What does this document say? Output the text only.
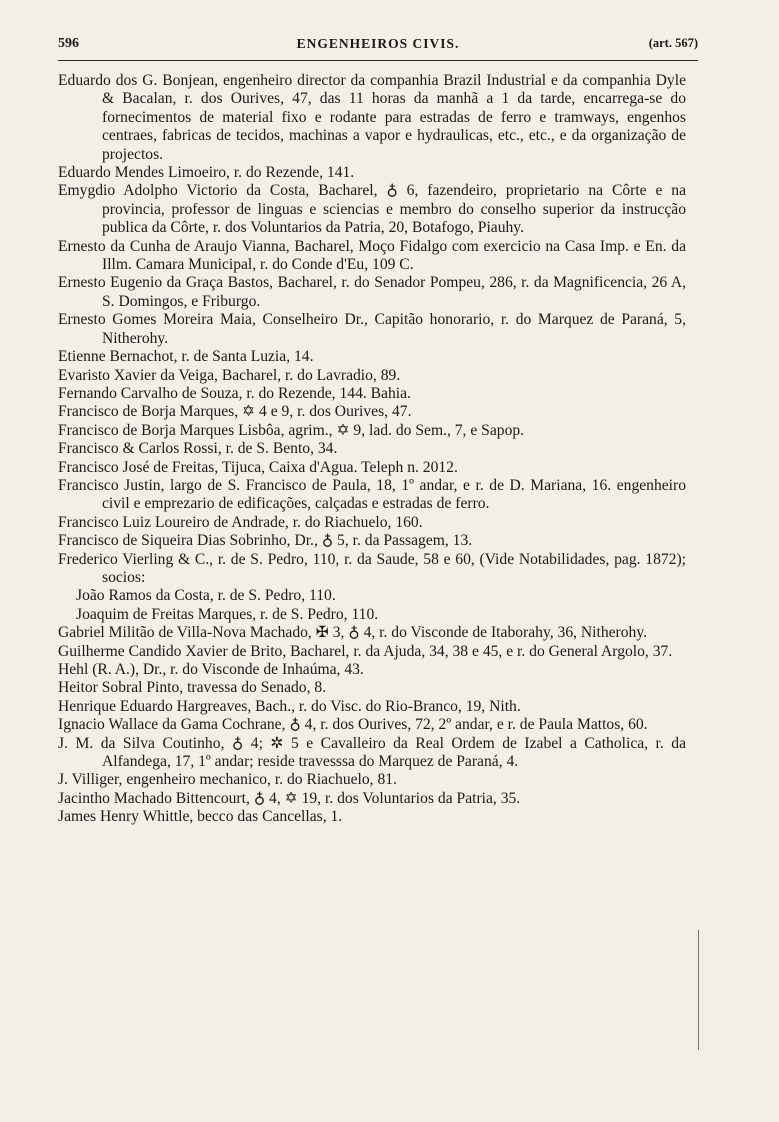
596	ENGENHEIROS CIVIS.	(art. 567)
Eduardo dos G. Bonjean, engenheiro director da companhia Brazil Industrial e da companhia Dyle & Bacalan, r. dos Ourives, 47, das 11 horas da manhã a 1 da tarde, encarrega-se do fornecimentos de material fixo e rodante para estradas de ferro e tramways, engenhos centraes, fabricas de tecidos, machinas a vapor e hydraulicas, etc., etc., e da organização de projectos.
Eduardo Mendes Limoeiro, r. do Rezende, 141.
Emygdio Adolpho Victorio da Costa, Bacharel, ♁ 6, fazendeiro, proprietario na Côrte e na provincia, professor de linguas e sciencias e membro do conselho superior da instrucção publica da Côrte, r. dos Voluntarios da Patria, 20, Botafogo, Piauhy.
Ernesto da Cunha de Araujo Vianna, Bacharel, Moço Fidalgo com exercicio na Casa Imp. e En. da Illm. Camara Municipal, r. do Conde d'Eu, 109 C.
Ernesto Eugenio da Graça Bastos, Bacharel, r. do Senador Pompeu, 286, r. da Magnificencia, 26 A, S. Domingos, e Friburgo.
Ernesto Gomes Moreira Maia, Conselheiro Dr., Capitão honorario, r. do Marquez de Paraná, 5, Nitherohy.
Etienne Bernachot, r. de Santa Luzia, 14.
Evaristo Xavier da Veiga, Bacharel, r. do Lavradio, 89.
Fernando Carvalho de Souza, r. do Rezende, 144. Bahia.
Francisco de Borja Marques, ✡ 4 e 9, r. dos Ourives, 47.
Francisco de Borja Marques Lisbôa, agrim., ✡ 9, lad. do Sem., 7, e Sapop.
Francisco & Carlos Rossi, r. de S. Bento, 34.
Francisco José de Freitas, Tijuca, Caixa d'Agua. Teleph n. 2012.
Francisco Justin, largo de S. Francisco de Paula, 18, 1º andar, e r. de D. Mariana, 16. engenheiro civil e emprezario de edificações, calçadas e estradas de ferro.
Francisco Luiz Loureiro de Andrade, r. do Riachuelo, 160.
Francisco de Siqueira Dias Sobrinho, Dr., ♁ 5, r. da Passagem, 13.
Frederico Vierling & C., r. de S. Pedro, 110, r. da Saude, 58 e 60, (Vide Notabilidades, pag. 1872); socios:
João Ramos da Costa, r. de S. Pedro, 110.
Joaquim de Freitas Marques, r. de S. Pedro, 110.
Gabriel Militão de Villa-Nova Machado, ✠ 3, ♁ 4, r. do Visconde de Itaborahy, 36, Nitherohy.
Guilherme Candido Xavier de Brito, Bacharel, r. da Ajuda, 34, 38 e 45, e r. do General Argolo, 37.
Hehl (R. A.), Dr., r. do Visconde de Inhaúma, 43.
Heitor Sobral Pinto, travessa do Senado, 8.
Henrique Eduardo Hargreaves, Bach., r. do Visc. do Rio-Branco, 19, Nith.
Ignacio Wallace da Gama Cochrane, ♁ 4, r. dos Ourives, 72, 2º andar, e r. de Paula Mattos, 60.
J. M. da Silva Coutinho, ♁ 4; ✲ 5 e Cavalleiro da Real Ordem de Izabel a Catholica, r. da Alfandega, 17, 1º andar; reside travesssa do Marquez de Paraná, 4.
J. Villiger, engenheiro mechanico, r. do Riachuelo, 81.
Jacintho Machado Bittencourt, ♁ 4, ✡ 19, r. dos Voluntarios da Patria, 35.
James Henry Whittle, becco das Cancellas, 1.
